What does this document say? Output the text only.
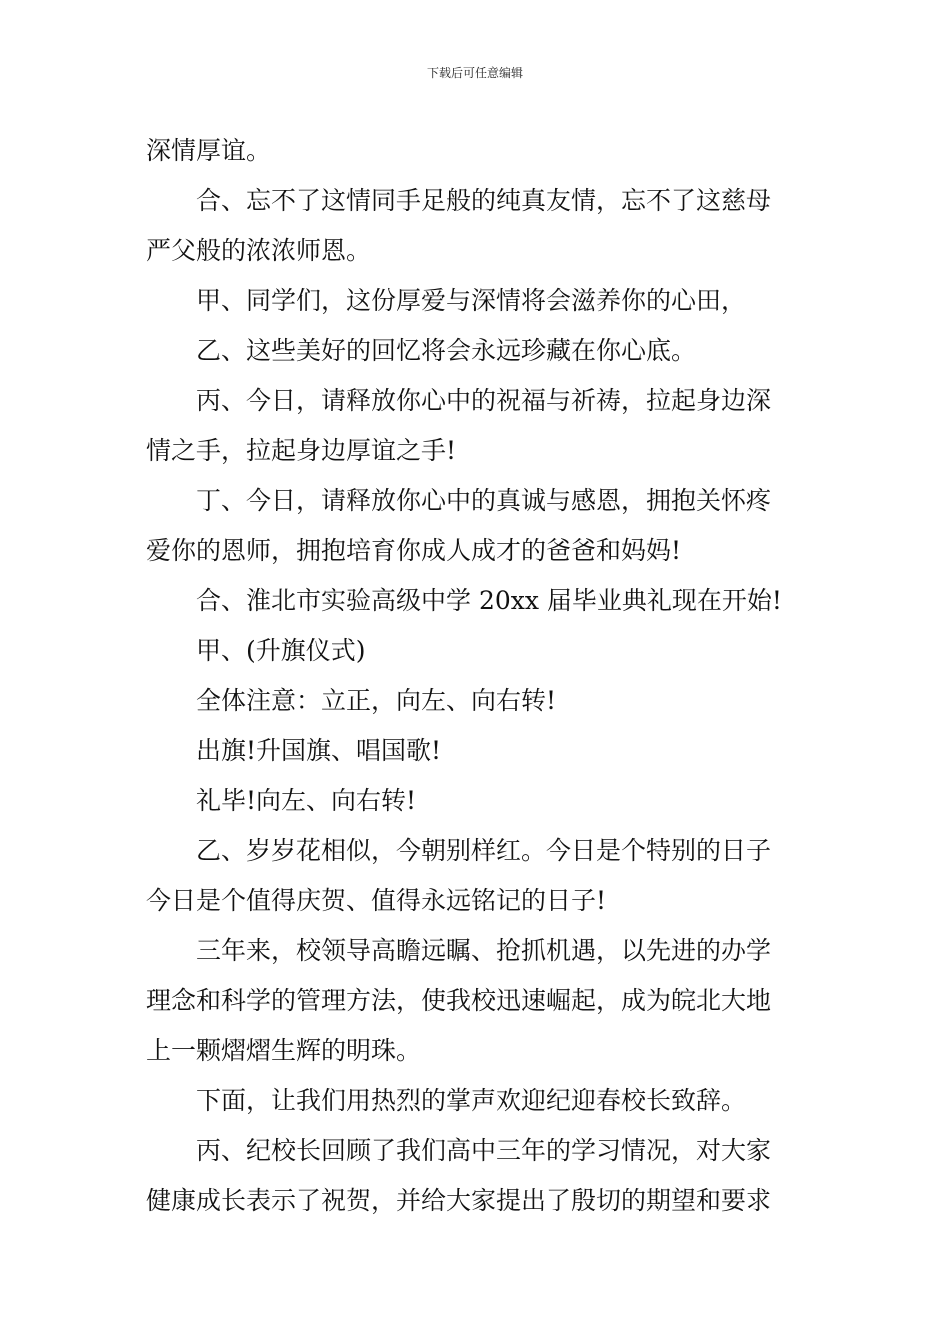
下载后可任意编辑
深情厚谊。
合、忘不了这情同手足般的纯真友情，忘不了这慈母
严父般的浓浓师恩。
甲、同学们，这份厚爱与深情将会滋养你的心田，
乙、这些美好的回忆将会永远珍藏在你心底。
丙、今日，请释放你心中的祝福与祈祷，拉起身边深
情之手，拉起身边厚谊之手!
丁、今日，请释放你心中的真诚与感恩，拥抱关怀疼
爱你的恩师，拥抱培育你成人成才的爸爸和妈妈!
合、淮北市实验高级中学 20xx 届毕业典礼现在开始!
甲、(升旗仪式)
全体注意：立正，向左、向右转!
出旗!升国旗、唱国歌!
礼毕!向左、向右转!
乙、岁岁花相似，今朝别样红。今日是个特别的日子
今日是个值得庆贺、值得永远铭记的日子!
三年来，校领导高瞻远瞩、抢抓机遇，以先进的办学
理念和科学的管理方法，使我校迅速崛起，成为皖北大地
上一颗熠熠生辉的明珠。
下面，让我们用热烈的掌声欢迎纪迎春校长致辞。
丙、纪校长回顾了我们高中三年的学习情况，对大家
健康成长表示了祝贺，并给大家提出了殷切的期望和要求
